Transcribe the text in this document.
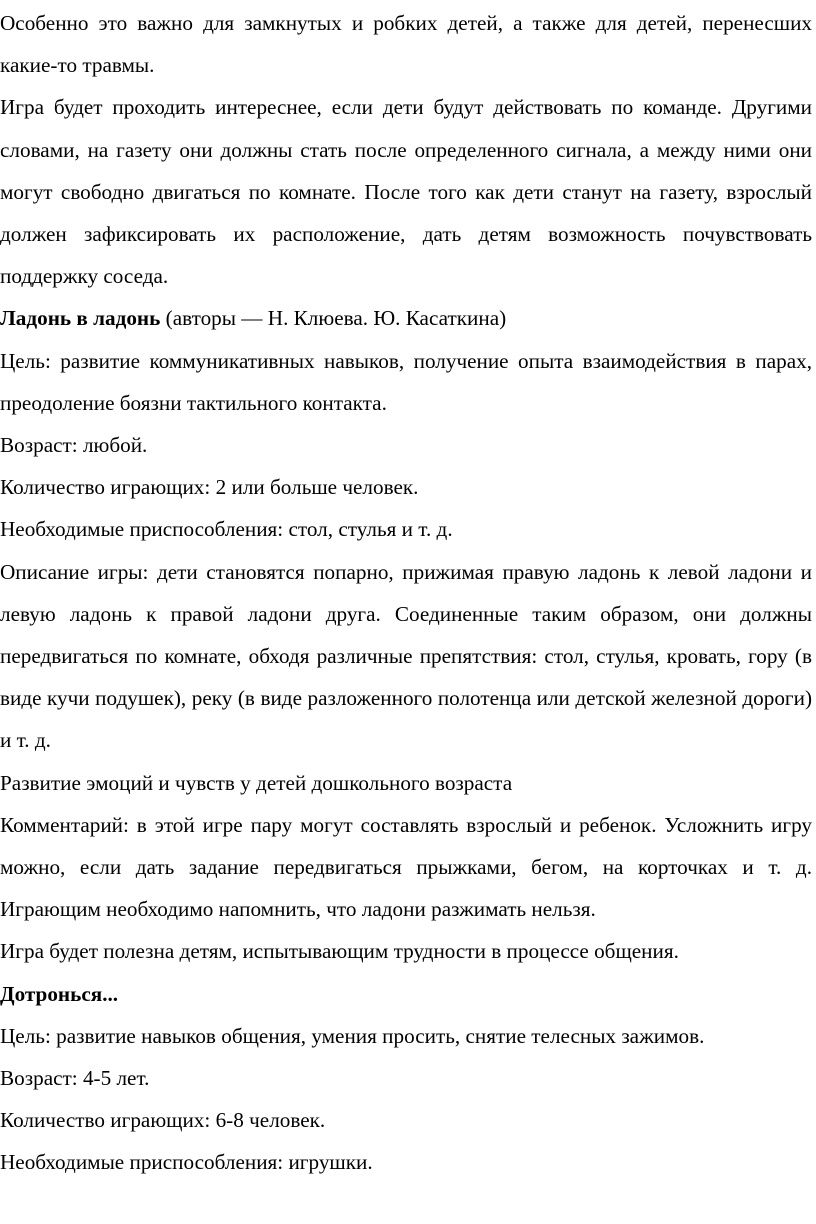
Особенно это важно для замкнутых и робких детей, а также для детей, перенесших какие-то травмы.

Игра будет проходить интереснее, если дети будут действовать по команде. Другими словами, на газету они должны стать после определенного сигнала, а между ними они могут свободно двигаться по комнате. После того как дети станут на газету, взрослый должен зафиксировать их расположение, дать детям возможность почувствовать поддержку соседа.

Ладонь в ладонь (авторы — Н. Клюева. Ю. Касаткина)

Цель: развитие коммуникативных навыков, получение опыта взаимодействия в парах, преодоление боязни тактильного контакта.

Возраст: любой.

Количество играющих: 2 или больше человек.

Необходимые приспособления: стол, стулья и т. д.

Описание игры: дети становятся попарно, прижимая правую ладонь к левой ладони и левую ладонь к правой ладони друга. Соединенные таким образом, они должны передвигаться по комнате, обходя различные препятствия: стол, стулья, кровать, гору (в виде кучи подушек), реку (в виде разложенного полотенца или детской железной дороги) и т. д.

Развитие эмоций и чувств у детей дошкольного возраста

Комментарий: в этой игре пару могут составлять взрослый и ребенок. Усложнить игру можно, если дать задание передвигаться прыжками, бегом, на корточках и т. д. Играющим необходимо напомнить, что ладони разжимать нельзя.

Игра будет полезна детям, испытывающим трудности в процессе общения.

Дотронься...

Цель: развитие навыков общения, умения просить, снятие телесных зажимов.

Возраст: 4-5 лет.

Количество играющих: 6-8 человек.

Необходимые приспособления: игрушки.
